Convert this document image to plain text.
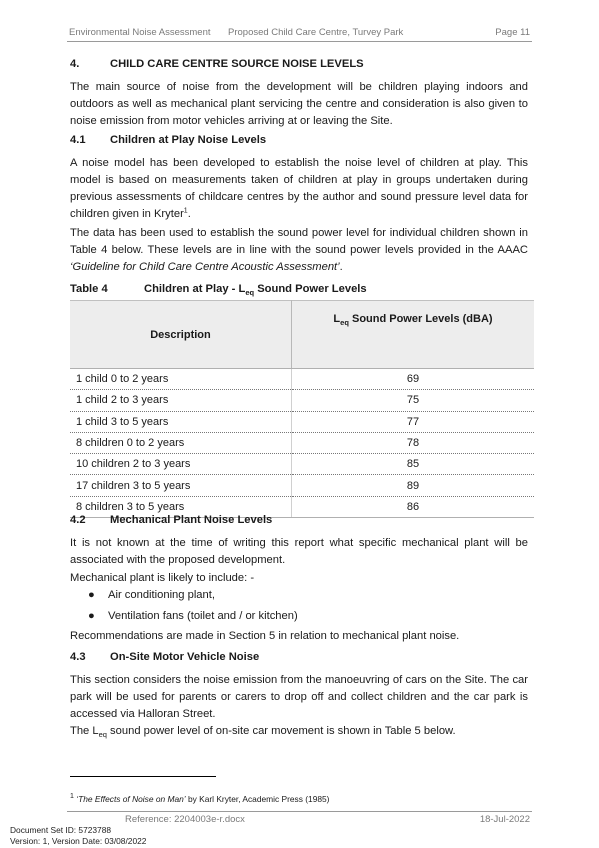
Environmental Noise Assessment Proposed Child Care Centre, Turvey Park	Page 11
4.	CHILD CARE CENTRE SOURCE NOISE LEVELS
The main source of noise from the development will be children playing indoors and outdoors as well as mechanical plant servicing the centre and consideration is also given to noise emission from motor vehicles arriving at or leaving the Site.
4.1 Children at Play Noise Levels
A noise model has been developed to establish the noise level of children at play. This model is based on measurements taken of children at play in groups undertaken during previous assessments of childcare centres by the author and sound pressure level data for children given in Kryter$^1$.
The data has been used to establish the sound power level for individual children shown in Table 4 below. These levels are in line with the sound power levels provided in the AAAC ‘Guideline for Child Care Centre Acoustic Assessment’.
Table 4	Children at Play - $L_{eq}$ Sound Power Levels
Description	$L_{eq}$ Sound Power Levels (dBA)
1 child 0 to 2 years	69
1 child 2 to 3 years	75
1 child 3 to 5 years	77
8 children 0 to 2 years	78
10 children 2 to 3 years	85
17 children 3 to 5 years	89
8 children 3 to 5 years	86
4.2 Mechanical Plant Noise Levels
It is not known at the time of writing this report what specific mechanical plant will be associated with the proposed development.
Mechanical plant is likely to include: -
● Air conditioning plant,
● Ventilation fans (toilet and / or kitchen)
Recommendations are made in Section 5 in relation to mechanical plant noise.
4.3 On-Site Motor Vehicle Noise
This section considers the noise emission from the manoeuvring of cars on the Site. The car park will be used for parents or carers to drop off and collect children and the car park is accessed via Halloran Street.
The $L_{eq}$ sound power level of on-site car movement is shown in Table 5 below.
$^1$ ‘The Effects of Noise on Man’ by Karl Kryter, Academic Press (1985)
Reference: 2204003e-r.docx	18-Jul-2022
Document Set ID: 5723788
Version: 1, Version Date: 03/08/2022
